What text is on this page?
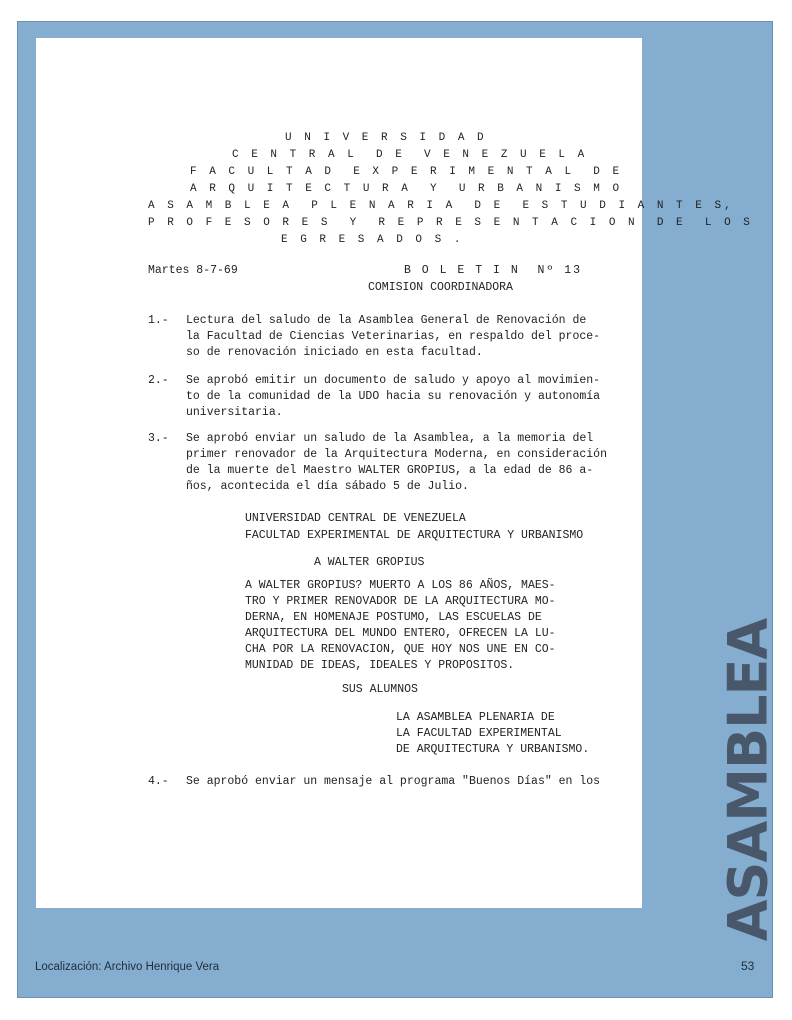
U N I V E R S I D A D
C E N T R A L  D E  V E N E Z U E L A
F A C U L T A D  E X P E R I M E N T A L  D E
A R Q U I T E C T U R A  Y  U R B A N I S M O
A S A M B L E A  P L E N A R I A  D E  E S T U D I A N T E S,
P R O F E S O R E S  Y  R E P R E S E N T A C I O N  D E  L O S
E G R E S A D O S .
Martes 8-7-69	B O L E T I N  Nº 13
COMISION COORDINADORA
1.- Lectura del saludo de la Asamblea General de Renovación de
la Facultad de Ciencias Veterinarias, en respaldo del proce-
so de renovación iniciado en esta facultad.
2.- Se aprobó emitir un documento de saludo y apoyo al movimien-
to de la comunidad de la UDO hacia su renovación y autonomía
universitaria.
3.- Se aprobó enviar un saludo de la Asamblea, a la memoria del
primer renovador de la Arquitectura Moderna, en consideración
de la muerte del Maestro WALTER GROPIUS, a la edad de 86 a-
ños, acontecida el día sábado 5 de Julio.
UNIVERSIDAD CENTRAL DE VENEZUELA
FACULTAD EXPERIMENTAL DE ARQUITECTURA Y URBANISMO
A WALTER GROPIUS
A WALTER GROPIUS? MUERTO A LOS 86 AÑOS, MAES-
TRO Y PRIMER RENOVADOR DE LA ARQUITECTURA MO-
DERNA, EN HOMENAJE POSTUMO, LAS ESCUELAS DE
ARQUITECTURA DEL MUNDO ENTERO, OFRECEN LA LU-
CHA POR LA RENOVACION, QUE HOY NOS UNE EN CO-
MUNIDAD DE IDEAS, IDEALES Y PROPOSITOS.
SUS ALUMNOS
LA ASAMBLEA PLENARIA DE
LA FACULTAD EXPERIMENTAL
DE ARQUITECTURA Y URBANISMO.
4.- Se aprobó enviar un mensaje al programa "Buenos Días" en los ASAMBLEA
Localización: Archivo Henrique Vera	53
